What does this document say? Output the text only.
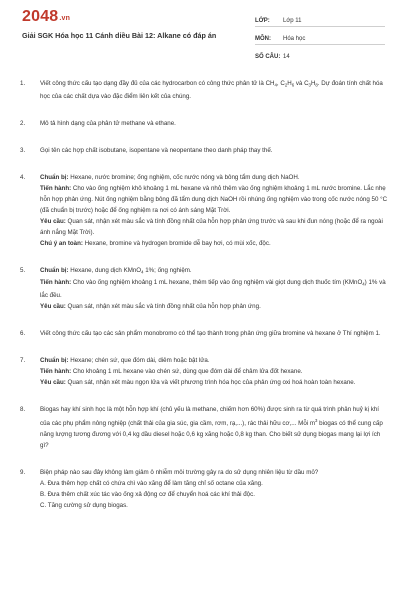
2048.vn
Giải SGK Hóa học 11 Cánh diều Bài 12: Alkane có đáp án
LỚP:	Lớp 11
MÔN:	Hóa học
SỐ CÂU: 14
1.	Viết công thức cấu tạo dạng đầy đủ của các hydrocarbon có công thức phân tử là $CH_4$, $C_2H_6$ và $C_3H_8$. Dự đoán tính chất hóa học của các chất dựa vào đặc điểm liên kết của chúng.

2.	Mô tả hình dạng của phân tử methane và ethane.
3.	Gọi tên các hợp chất isobutane, isopentane và neopentane theo danh pháp thay thế.
4.	Chuẩn bị: Hexane, nước bromine; ống nghiệm, cốc nước nóng và bông tẩm dung dịch NaOH.

Tiến hành: Cho vào ống nghiệm khô khoảng 1 mL hexane và nhỏ thêm vào ống nghiệm khoảng 1 mL nước bromine. Lắc nhẹ hỗn hợp phản ứng. Nút ống nghiệm bằng bông đã tẩm dung dịch NaOH rồi nhúng ống nghiệm vào trong cốc nước nóng 50 °C (đã chuẩn bị trước) hoặc để ống nghiệm ra nơi có ánh sáng Mặt Trời.

Yêu cầu: Quan sát, nhận xét màu sắc và tính đồng nhất của hỗn hợp phản ứng trước và sau khi đun nóng (hoặc để ra ngoài ánh nắng Mặt Trời).

Chú ý an toàn: Hexane, bromine và hydrogen bromide dễ bay hơi, có mùi xốc, độc.

5.	Chuẩn bị: Hexane, dung dịch KMnO$_4$ 1%; ống nghiệm.

Tiến hành: Cho vào ống nghiệm khoảng 1 mL hexane, thêm tiếp vào ống nghiệm vài giọt dung dịch thuốc tím (KMnO$_4$) 1% và lắc đều.

Yêu cầu: Quan sát, nhận xét màu sắc và tính đồng nhất của hỗn hợp phản ứng.

6.	Viết công thức cấu tạo các sản phẩm monobromo có thể tạo thành trong phản ứng giữa bromine và hexane ở Thí nghiệm 1.
7.	Chuẩn bị: Hexane; chén sứ, que đóm dài, diêm hoặc bật lửa.

Tiến hành: Cho khoảng 1 mL hexane vào chén sứ, dùng que đóm dài để châm lửa đốt hexane.

Yêu cầu: Quan sát, nhận xét màu ngọn lửa và viết phương trình hóa học của phản ứng oxi hoá hoàn toàn hexane.

8.	Biogas hay khí sinh học là một hỗn hợp khí (chủ yếu là methane, chiếm hơn 60%) được sinh ra từ quá trình phân huỷ kị khí của các phụ phẩm nông nghiệp (chất thải của gia súc, gia cầm, rơm, rạ,...), rác thải hữu cơ,... Mỗi $m^3$ biogas có thể cung cấp năng lượng tương đương với 0,4 kg dầu diesel hoặc 0,6 kg xăng hoặc 0,8 kg than. Cho biết sử dụng biogas mang lại lợi ích gì?

9.	Biện pháp nào sau đây không làm giảm ô nhiễm môi trường gây ra do sử dụng nhiên liệu từ dầu mỏ?

A. Đưa thêm hợp chất có chứa chì vào xăng để làm tăng chỉ số octane của xăng.

B. Đưa thêm chất xúc tác vào ống xả động cơ để chuyển hoá các khí thải độc.

C. Tăng cường sử dụng biogas.
